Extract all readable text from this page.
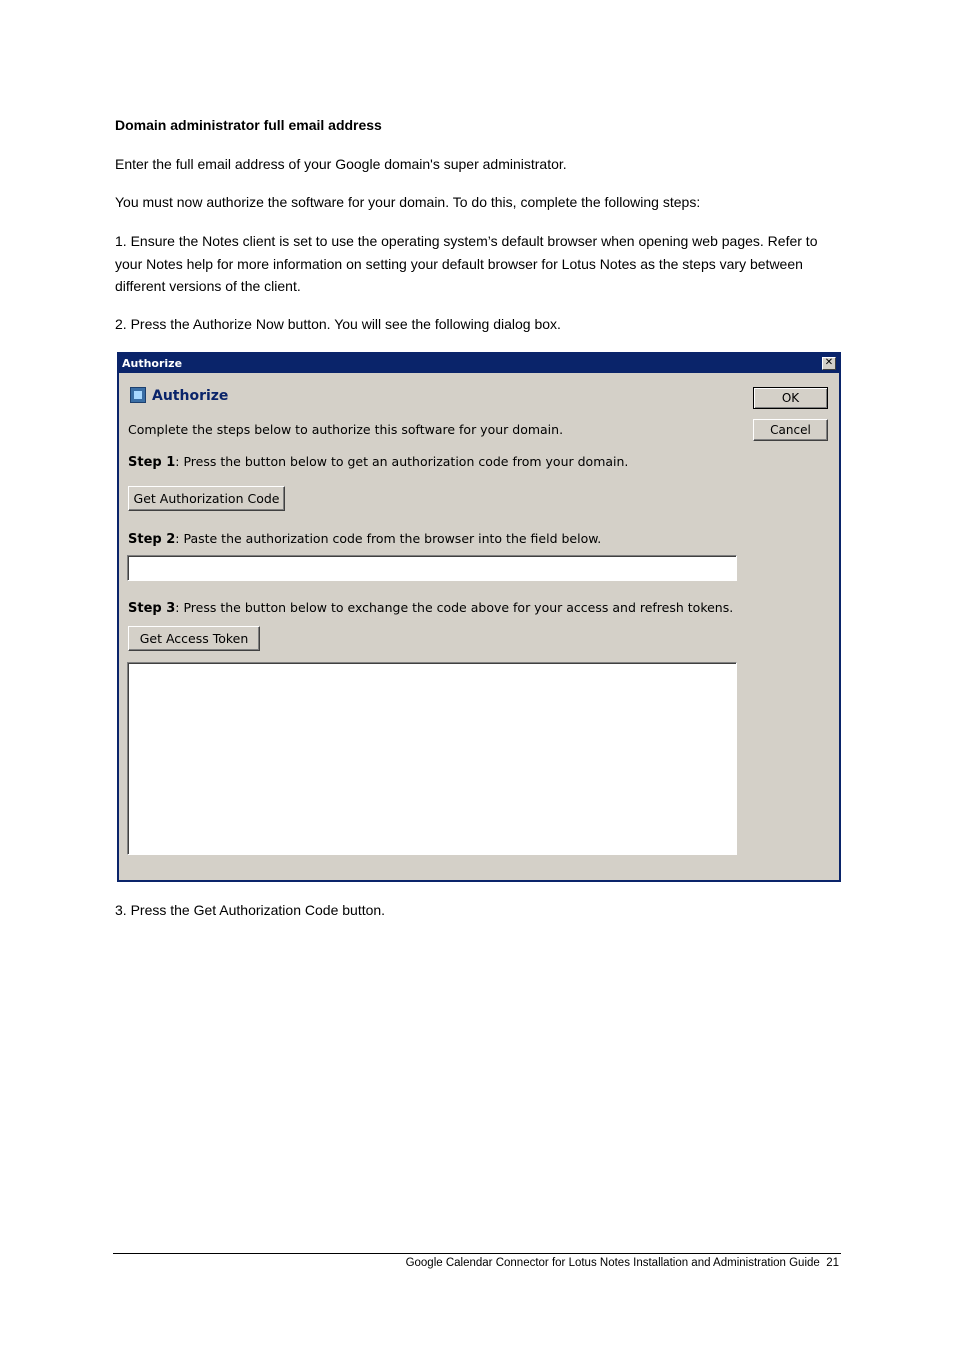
Domain administrator full email address

Enter the full email address of your Google domain's super administrator.

You must now authorize the software for your domain. To do this, complete the following steps:

1. Ensure the Notes client is set to use the operating system’s default browser when opening web pages. Refer to your Notes help for more information on setting your default browser for Lotus Notes as the steps vary between different versions of the client.

2. Press the Authorize Now button. You will see the following dialog box.

3. Press the Get Authorization Code button.

Authorize	✕
Authorize
Complete the steps below to authorize this software for your domain.
Step 1: Press the button below to get an authorization code from your domain.
Get Authorization Code
Step 2: Paste the authorization code from the browser into the field below.
Step 3: Press the button below to exchange the code above for your access and refresh tokens.
Get Access Token
OK
Cancel
Google Calendar Connector for Lotus Notes Installation and Administration Guide 21
